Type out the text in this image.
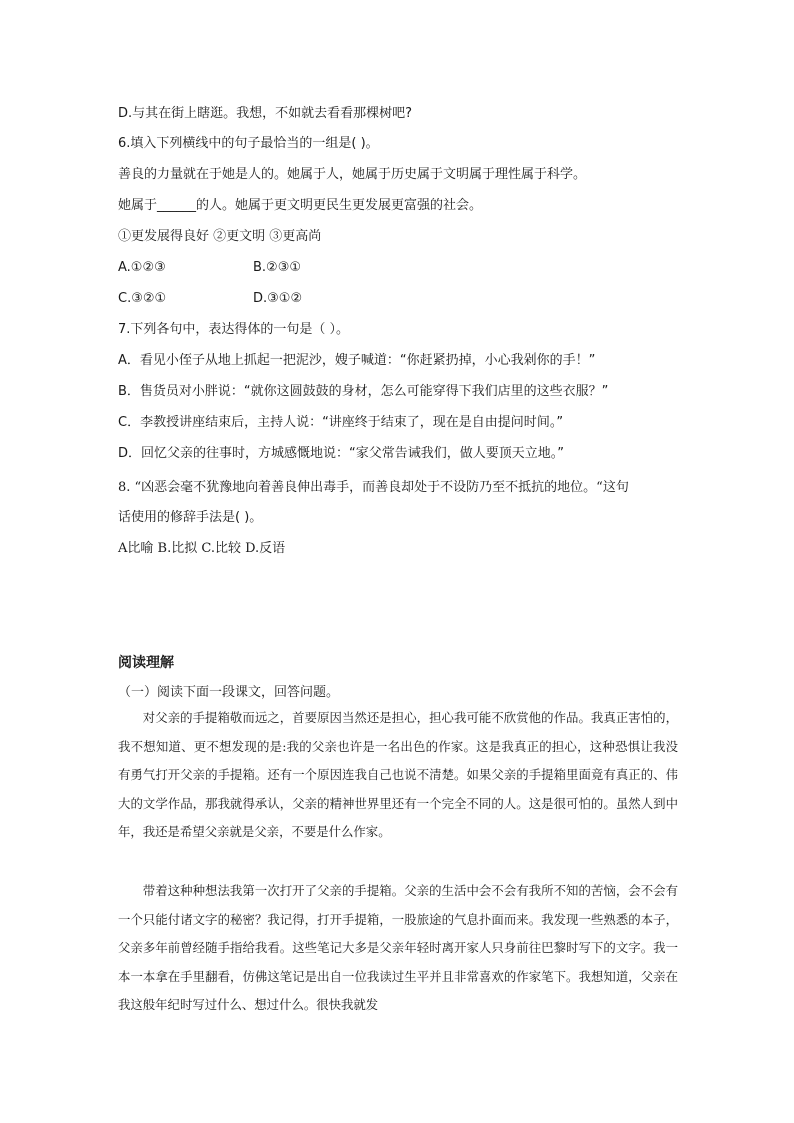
D.与其在街上瞎逛。我想，不如就去看看那棵树吧?
6.填入下列横线中的句子最恰当的一组是( )。
善良的力量就在于她是人的。她属于人，她属于历史属于文明属于理性属于科学。
她属于______的人。她属于更文明更民生更发展更富强的社会。
①更发展得良好 ②更文明 ③更高尚
A.①②③	B.②③①
C.③②①	D.③①②
7.下列各句中，表达得体的一句是（ ）。
A．看见小侄子从地上抓起一把泥沙，嫂子喊道：“你赶紧扔掉，小心我剁你的手！”
B．售货员对小胖说：“就你这圆鼓鼓的身材，怎么可能穿得下我们店里的这些衣服？”
C．李教授讲座结束后，主持人说：“讲座终于结束了，现在是自由提问时间。”
D．回忆父亲的往事时，方城感慨地说：“家父常告诫我们，做人要顶天立地。”
8. “凶恶会毫不犹豫地向着善良伸出毒手，而善良却处于不设防乃至不抵抗的地位。“这句
话使用的修辞手法是( )。
A比喻 B.比拟 C.比较 D.反语
阅读理解
（一）阅读下面一段课文，回答问题。

对父亲的手提箱敬而远之，首要原因当然还是担心，担心我可能不欣赏他的作品。我真正害怕的，我不想知道、更不想发现的是:我的父亲也许是一名出色的作家。这是我真正的担心，这种恐惧让我没有勇气打开父亲的手提箱。还有一个原因连我自己也说不清楚。如果父亲的手提箱里面竟有真正的、伟大的文学作品，那我就得承认，父亲的精神世界里还有一个完全不同的人。这是很可怕的。虽然人到中年，我还是希望父亲就是父亲，不要是什么作家。

带着这种种想法我第一次打开了父亲的手提箱。父亲的生活中会不会有我所不知的苦恼，会不会有一个只能付诸文字的秘密？我记得，打开手提箱，一股旅途的气息扑面而来。我发现一些熟悉的本子，父亲多年前曾经随手指给我看。这些笔记大多是父亲年轻时离开家人只身前往巴黎时写下的文字。我一本一本拿在手里翻看，仿佛这笔记是出自一位我读过生平并且非常喜欢的作家笔下。我想知道，父亲在我这般年纪时写过什么、想过什么。很快我就发
